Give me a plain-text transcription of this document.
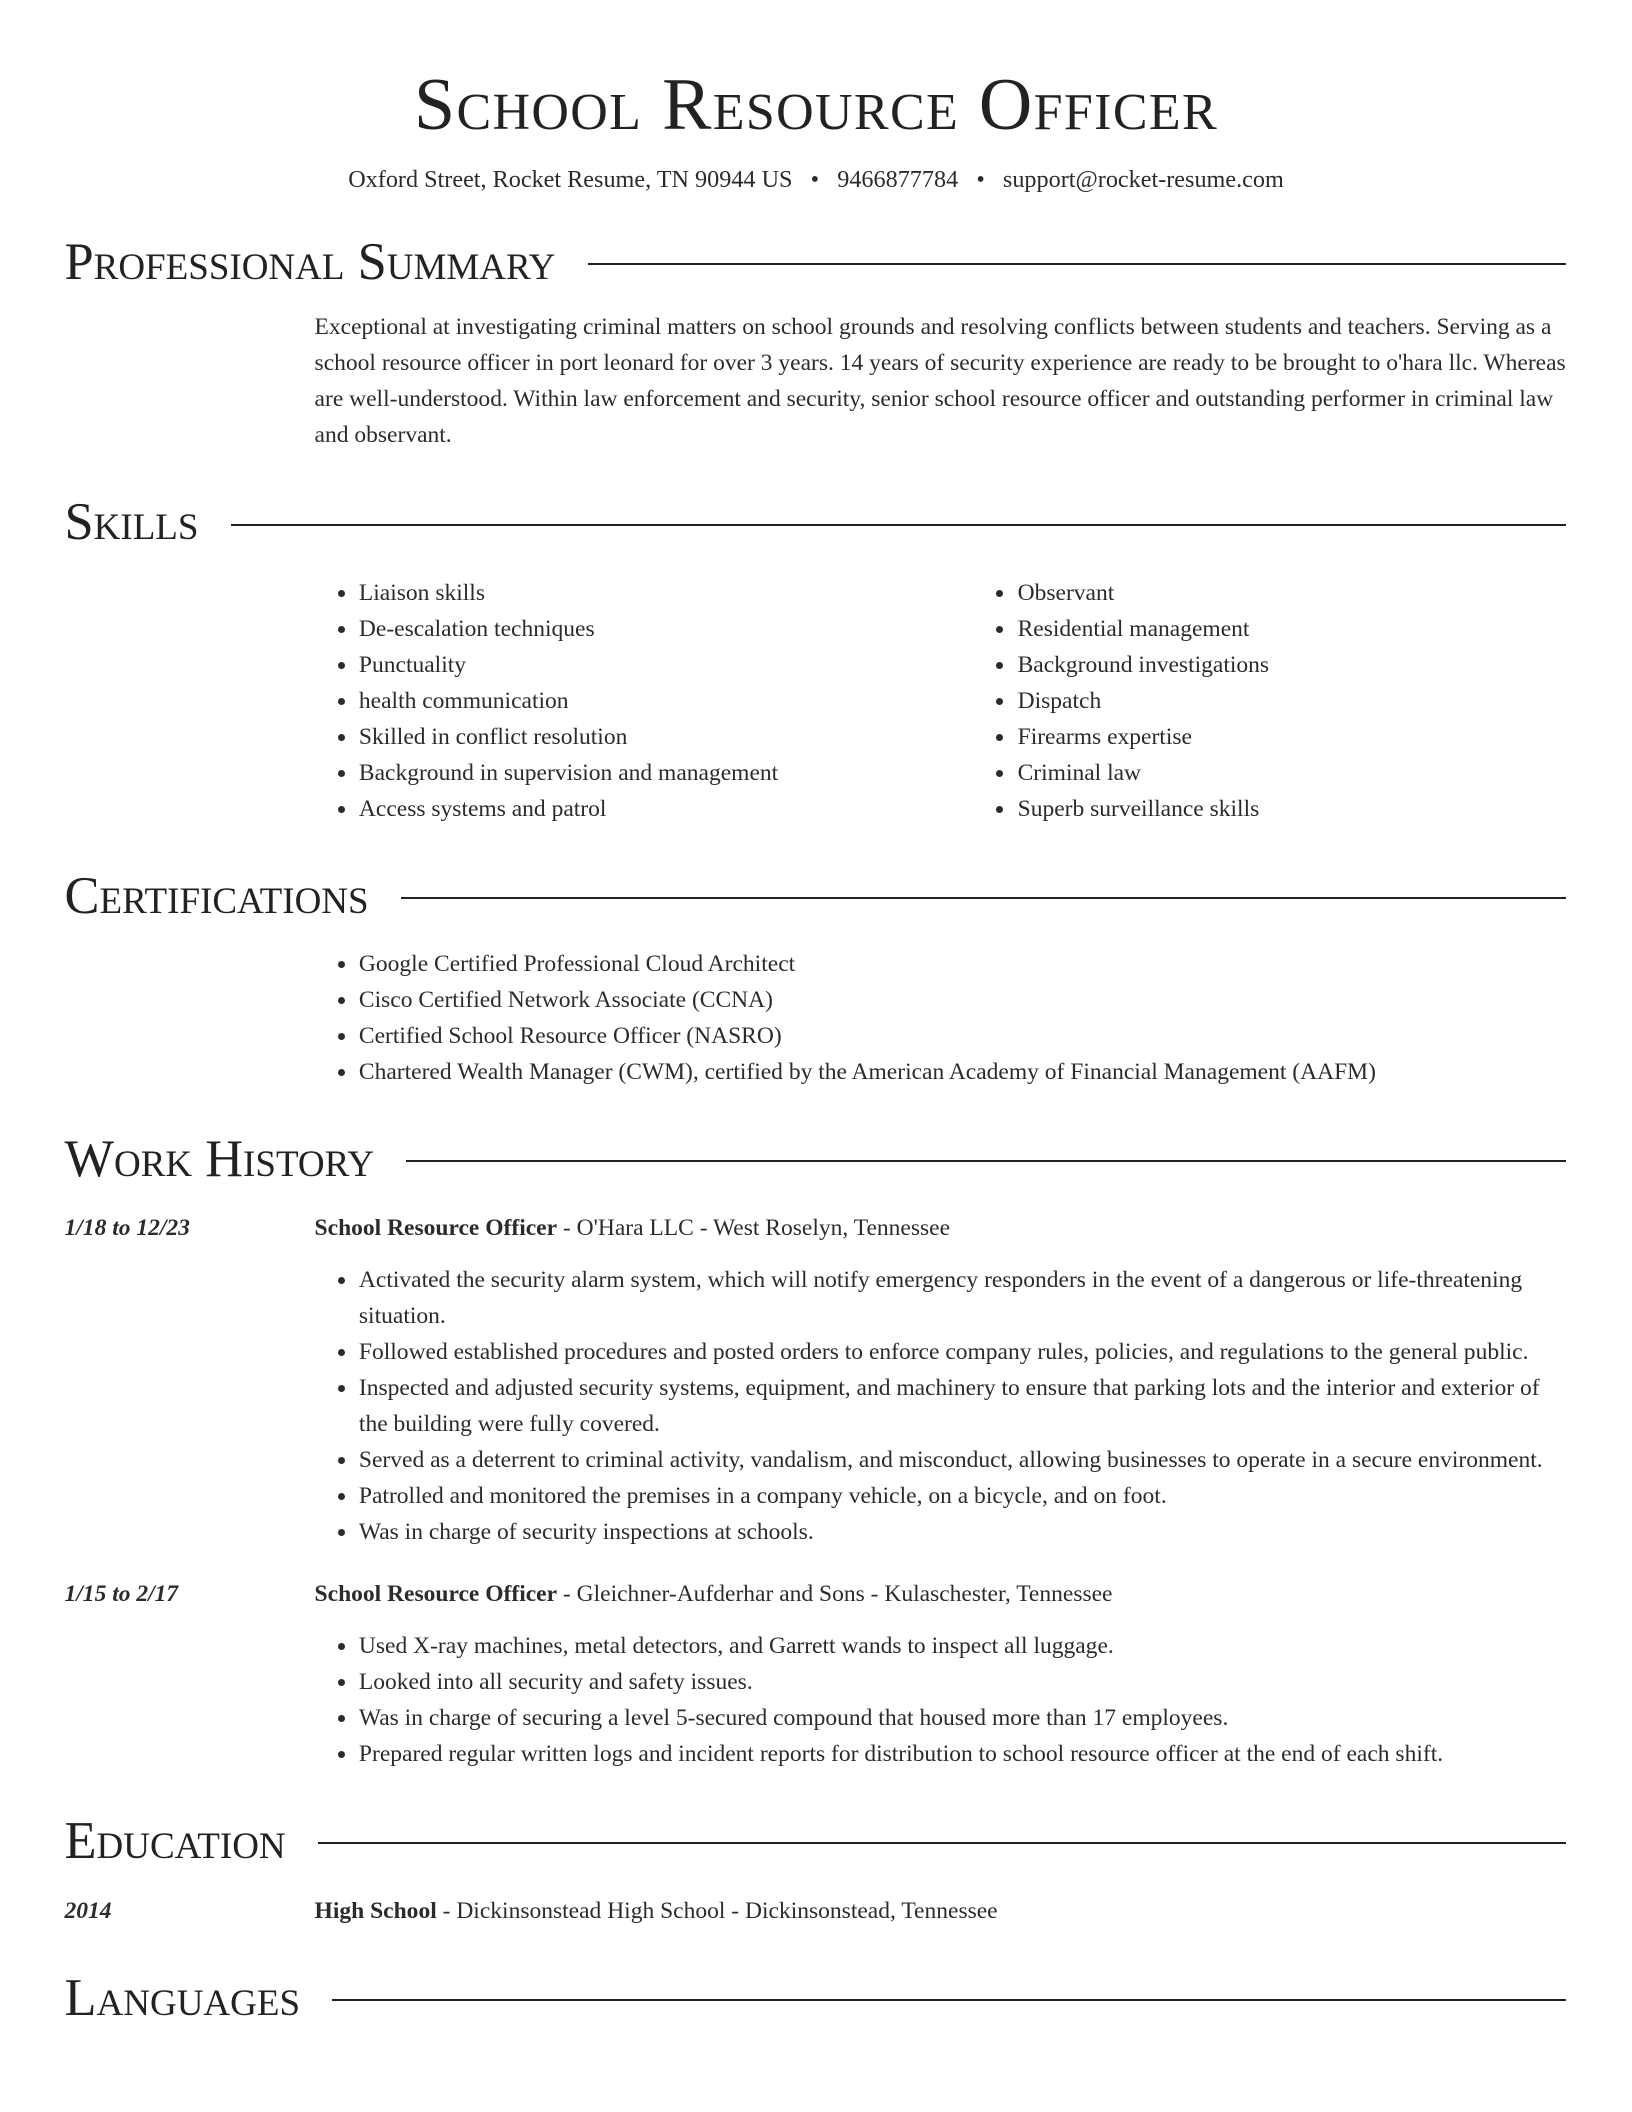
School Resource Officer
Oxford Street, Rocket Resume, TN 90944 US • 9466877784 • support@rocket-resume.com
Professional Summary
Exceptional at investigating criminal matters on school grounds and resolving conflicts between students and teachers. Serving as a school resource officer in port leonard for over 3 years. 14 years of security experience are ready to be brought to o'hara llc. Whereas are well-understood. Within law enforcement and security, senior school resource officer and outstanding performer in criminal law and observant.
Skills
• Liaison skills
• De-escalation techniques
• Punctuality
• health communication
• Skilled in conflict resolution
• Background in supervision and management
• Access systems and patrol
• Observant
• Residential management
• Background investigations
• Dispatch
• Firearms expertise
• Criminal law
• Superb surveillance skills
Certifications
• Google Certified Professional Cloud Architect
• Cisco Certified Network Associate (CCNA)
• Certified School Resource Officer (NASRO)
• Chartered Wealth Manager (CWM), certified by the American Academy of Financial Management (AAFM)
Work History
1/18 to 12/23	School Resource Officer - O'Hara LLC - West Roselyn, Tennessee
• Activated the security alarm system, which will notify emergency responders in the event of a dangerous or life-threatening situation.
• Followed established procedures and posted orders to enforce company rules, policies, and regulations to the general public.
• Inspected and adjusted security systems, equipment, and machinery to ensure that parking lots and the interior and exterior of the building were fully covered.
• Served as a deterrent to criminal activity, vandalism, and misconduct, allowing businesses to operate in a secure environment.
• Patrolled and monitored the premises in a company vehicle, on a bicycle, and on foot.
• Was in charge of security inspections at schools.
1/15 to 2/17	School Resource Officer - Gleichner-Aufderhar and Sons - Kulaschester, Tennessee
• Used X-ray machines, metal detectors, and Garrett wands to inspect all luggage.
• Looked into all security and safety issues.
• Was in charge of securing a level 5-secured compound that housed more than 17 employees.
• Prepared regular written logs and incident reports for distribution to school resource officer at the end of each shift.
Education
2014	High School - Dickinsonstead High School - Dickinsonstead, Tennessee
Languages
